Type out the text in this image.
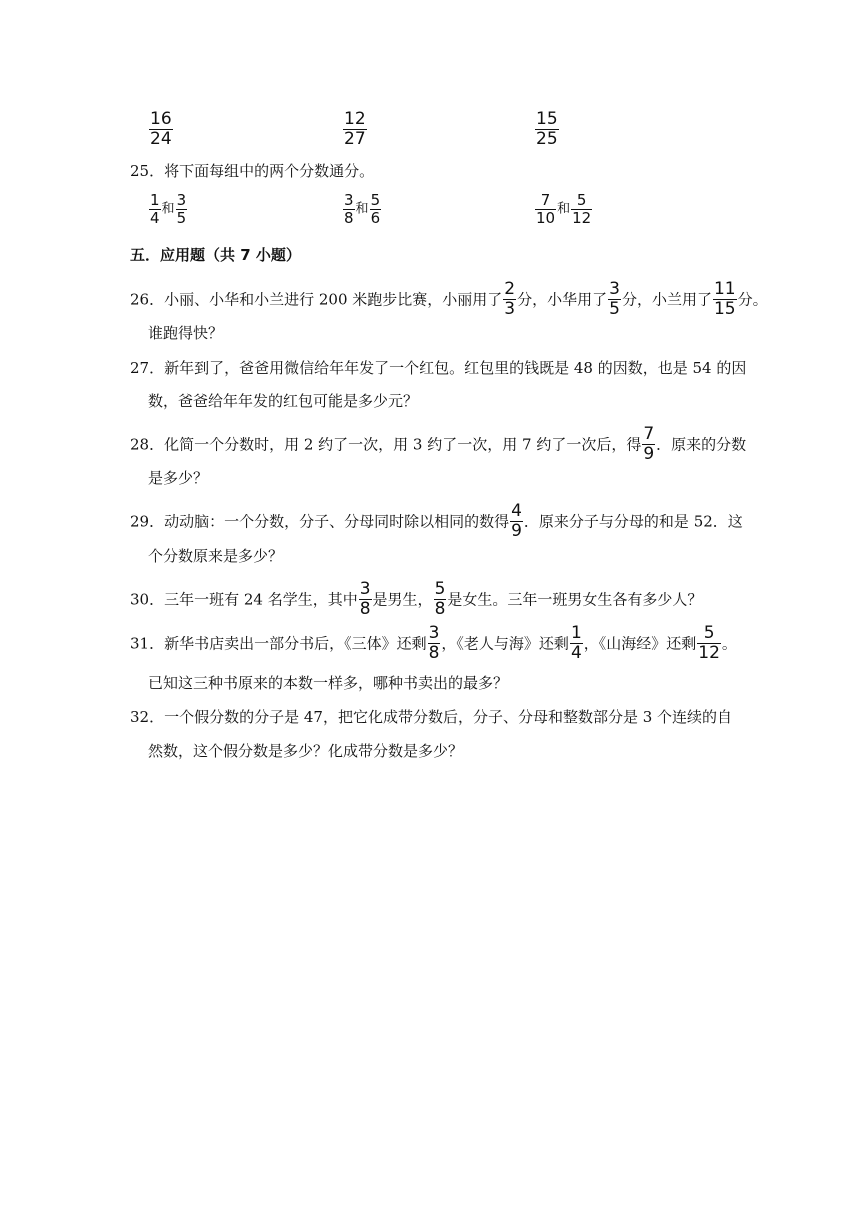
$\frac{16}{24}$	$\frac{12}{27}$	$\frac{15}{25}$
25．将下面每组中的两个分数通分。
$\frac{1}{4}$ 和 $\frac{3}{5}$	$\frac{3}{8}$ 和 $\frac{5}{6}$	$\frac{7}{10}$ 和 $\frac{5}{12}$
五．应用题（共 7 小题）
26．小丽、小华和小兰进行 200 米跑步比赛，小丽用了 $\frac{2}{3}$ 分，小华用了 $\frac{3}{5}$ 分，小兰用了 $\frac{11}{15}$ 分。
谁跑得快？
27．新年到了，爸爸用微信给年年发了一个红包。红包里的钱既是 48 的因数，也是 54 的因
数，爸爸给年年发的红包可能是多少元？
28．化简一个分数时，用 2 约了一次，用 3 约了一次，用 7 约了一次后，得 $\frac{7}{9}$ ．原来的分数
是多少？
29．动动脑：一个分数，分子、分母同时除以相同的数得 $\frac{4}{9}$ ．原来分子与分母的和是 52．这
个分数原来是多少？
30．三年一班有 24 名学生，其中 $\frac{3}{8}$ 是男生， $\frac{5}{8}$ 是女生。三年一班男女生各有多少人？
31．新华书店卖出一部分书后，《三体》还剩 $\frac{3}{8}$ ，《老人与海》还剩 $\frac{1}{4}$ ，《山海经》还剩 $\frac{5}{12}$ 。
已知这三种书原来的本数一样多，哪种书卖出的最多？
32．一个假分数的分子是 47，把它化成带分数后，分子、分母和整数部分是 3 个连续的自
然数，这个假分数是多少？化成带分数是多少？
